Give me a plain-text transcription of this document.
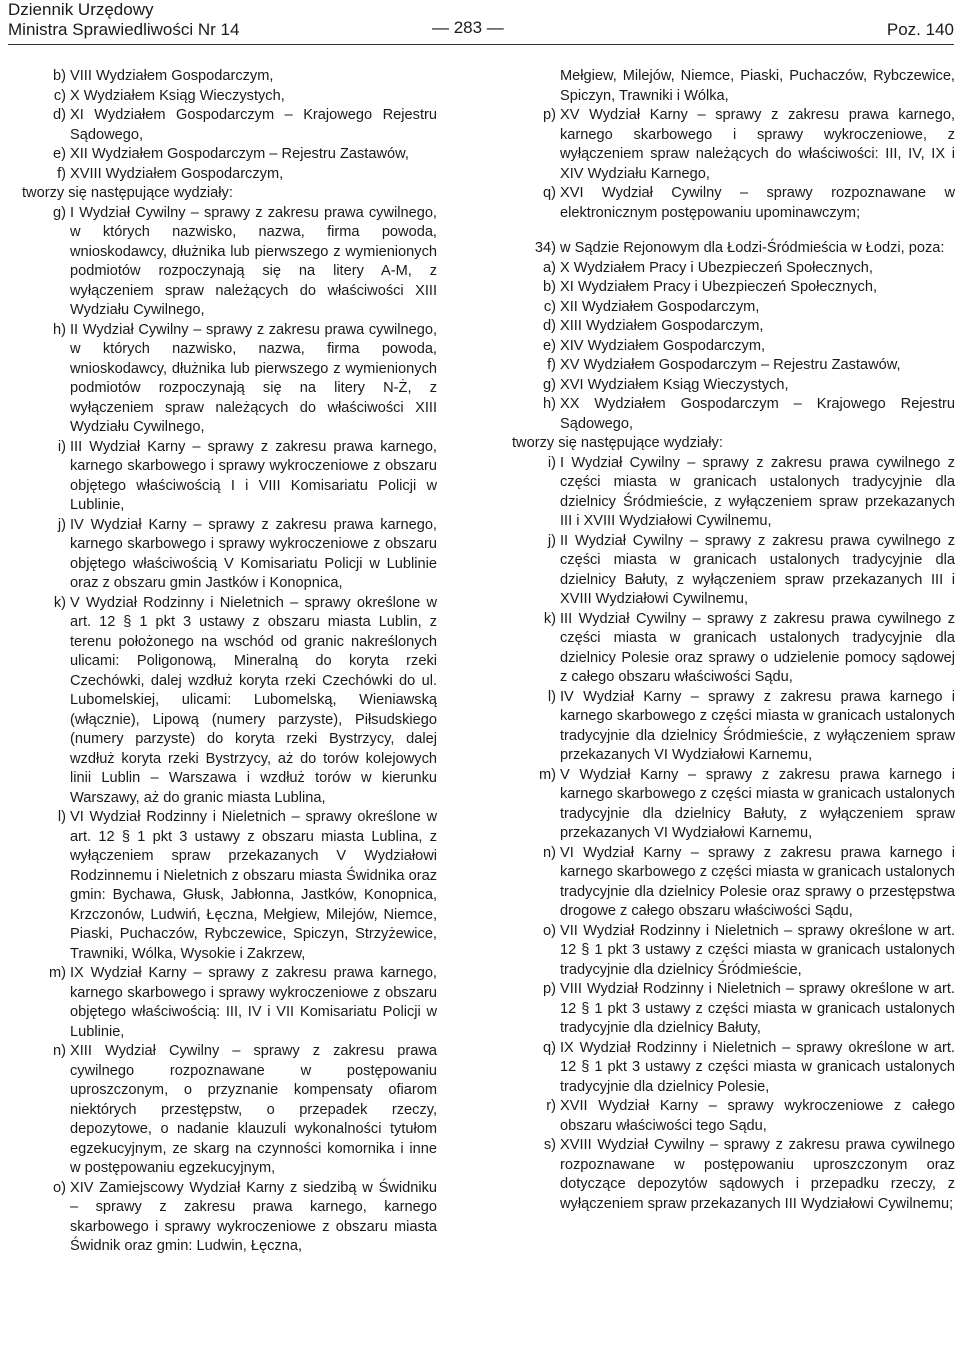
Dziennik Urzędowy
Ministra Sprawiedliwości Nr 14	— 283 —	Poz. 140
b) VIII Wydziałem Gospodarczym,
c) X Wydziałem Ksiąg Wieczystych,
d) XI Wydziałem Gospodarczym – Krajowego Rejestru Sądowego,
e) XII Wydziałem Gospodarczym – Rejestru Zastawów,
f) XVIII Wydziałem Gospodarczym,
tworzy się następujące wydziały:
g) I Wydział Cywilny – sprawy z zakresu prawa cywilnego, w których nazwisko, nazwa, firma powoda, wnioskodawcy, dłużnika lub pierwszego z wymienionych podmiotów rozpoczynają się na litery A-M, z wyłączeniem spraw należących do właściwości XIII Wydziału Cywilnego,
h) II Wydział Cywilny – sprawy z zakresu prawa cywilnego, w których nazwisko, nazwa, firma powoda, wnioskodawcy, dłużnika lub pierwszego z wymienionych podmiotów rozpoczynają się na litery N-Ż, z wyłączeniem spraw należących do właściwości XIII Wydziału Cywilnego,
i) III Wydział Karny – sprawy z zakresu prawa karnego, karnego skarbowego i sprawy wykroczeniowe z obszaru objętego właściwością I i VIII Komisariatu Policji w Lublinie,
j) IV Wydział Karny – sprawy z zakresu prawa karnego, karnego skarbowego i sprawy wykroczeniowe z obszaru objętego właściwością V Komisariatu Policji w Lublinie oraz z obszaru gmin Jastków i Konopnica,
k) V Wydział Rodzinny i Nieletnich – sprawy określone w art. 12 § 1 pkt 3 ustawy z obszaru miasta Lublin, z terenu położonego na wschód od granic nakreślonych ulicami: Poligonową, Mineralną do koryta rzeki Czechówki, dalej wzdłuż koryta rzeki Czechówki do ul. Lubomelskiej, ulicami: Lubomelską, Wieniawską (włącznie), Lipową (numery parzyste), Piłsudskiego (numery parzyste) do koryta rzeki Bystrzycy, dalej wzdłuż koryta rzeki Bystrzycy, aż do torów kolejowych linii Lublin – Warszawa i wzdłuż torów w kierunku Warszawy, aż do granic miasta Lublina,
l) VI Wydział Rodzinny i Nieletnich – sprawy określone w art. 12 § 1 pkt 3 ustawy z obszaru miasta Lublina, z wyłączeniem spraw przekazanych V Wydziałowi Rodzinnemu i Nieletnich z obszaru miasta Świdnika oraz gmin: Bychawa, Głusk, Jabłonna, Jastków, Konopnica, Krzczonów, Ludwiń, Łęczna, Mełgiew, Milejów, Niemce, Piaski, Puchaczów, Rybczewice, Spiczyn, Strzyżewice, Trawniki, Wólka, Wysokie i Zakrzew,
m) IX Wydział Karny – sprawy z zakresu prawa karnego, karnego skarbowego i sprawy wykroczeniowe z obszaru objętego właściwością: III, IV i VII Komisariatu Policji w Lublinie,
n) XIII Wydział Cywilny – sprawy z zakresu prawa cywilnego rozpoznawane w postępowaniu uproszczonym, o przyznanie kompensaty ofiarom niektórych przestępstw, o przepadek rzeczy, depozytowe, o nadanie klauzuli wykonalności tytułom egzekucyjnym, ze skarg na czynności komornika i inne w postępowaniu egzekucyjnym,
o) XIV Zamiejscowy Wydział Karny z siedzibą w Świdniku – sprawy z zakresu prawa karnego, karnego skarbowego i sprawy wykroczeniowe z obszaru miasta Świdnik oraz gmin: Ludwin, Łęczna,
Mełgiew, Milejów, Niemce, Piaski, Puchaczów, Rybczewice, Spiczyn, Trawniki i Wólka,
p) XV Wydział Karny – sprawy z zakresu prawa karnego, karnego skarbowego i sprawy wykroczeniowe, z wyłączeniem spraw należących do właściwości: III, IV, IX i XIV Wydziału Karnego,
q) XVI Wydział Cywilny – sprawy rozpoznawane w elektronicznym postępowaniu upominawczym;
34) w Sądzie Rejonowym dla Łodzi-Śródmieścia w Łodzi, poza:
a) X Wydziałem Pracy i Ubezpieczeń Społecznych,
b) XI Wydziałem Pracy i Ubezpieczeń Społecznych,
c) XII Wydziałem Gospodarczym,
d) XIII Wydziałem Gospodarczym,
e) XIV Wydziałem Gospodarczym,
f) XV Wydziałem Gospodarczym – Rejestru Zastawów,
g) XVI Wydziałem Ksiąg Wieczystych,
h) XX Wydziałem Gospodarczym – Krajowego Rejestru Sądowego,
tworzy się następujące wydziały:
i) I Wydział Cywilny – sprawy z zakresu prawa cywilnego z części miasta w granicach ustalonych tradycyjnie dla dzielnicy Śródmieście, z wyłączeniem spraw przekazanych III i XVIII Wydziałowi Cywilnemu,
j) II Wydział Cywilny – sprawy z zakresu prawa cywilnego z części miasta w granicach ustalonych tradycyjnie dla dzielnicy Bałuty, z wyłączeniem spraw przekazanych III i XVIII Wydziałowi Cywilnemu,
k) III Wydział Cywilny – sprawy z zakresu prawa cywilnego z części miasta w granicach ustalonych tradycyjnie dla dzielnicy Polesie oraz sprawy o udzielenie pomocy sądowej z całego obszaru właściwości Sądu,
l) IV Wydział Karny – sprawy z zakresu prawa karnego i karnego skarbowego z części miasta w granicach ustalonych tradycyjnie dla dzielnicy Śródmieście, z wyłączeniem spraw przekazanych VI Wydziałowi Karnemu,
m) V Wydział Karny – sprawy z zakresu prawa karnego i karnego skarbowego z części miasta w granicach ustalonych tradycyjnie dla dzielnicy Bałuty, z wyłączeniem spraw przekazanych VI Wydziałowi Karnemu,
n) VI Wydział Karny – sprawy z zakresu prawa karnego i karnego skarbowego z części miasta w granicach ustalonych tradycyjnie dla dzielnicy Polesie oraz sprawy o przestępstwa drogowe z całego obszaru właściwości Sądu,
o) VII Wydział Rodzinny i Nieletnich – sprawy określone w art. 12 § 1 pkt 3 ustawy z części miasta w granicach ustalonych tradycyjnie dla dzielnicy Śródmieście,
p) VIII Wydział Rodzinny i Nieletnich – sprawy określone w art. 12 § 1 pkt 3 ustawy z części miasta w granicach ustalonych tradycyjnie dla dzielnicy Bałuty,
q) IX Wydział Rodzinny i Nieletnich – sprawy określone w art. 12 § 1 pkt 3 ustawy z części miasta w granicach ustalonych tradycyjnie dla dzielnicy Polesie,
r) XVII Wydział Karny – sprawy wykroczeniowe z całego obszaru właściwości tego Sądu,
s) XVIII Wydział Cywilny – sprawy z zakresu prawa cywilnego rozpoznawane w postępowaniu uproszczonym oraz dotyczące depozytów sądowych i przepadku rzeczy, z wyłączeniem spraw przekazanych III Wydziałowi Cywilnemu;
